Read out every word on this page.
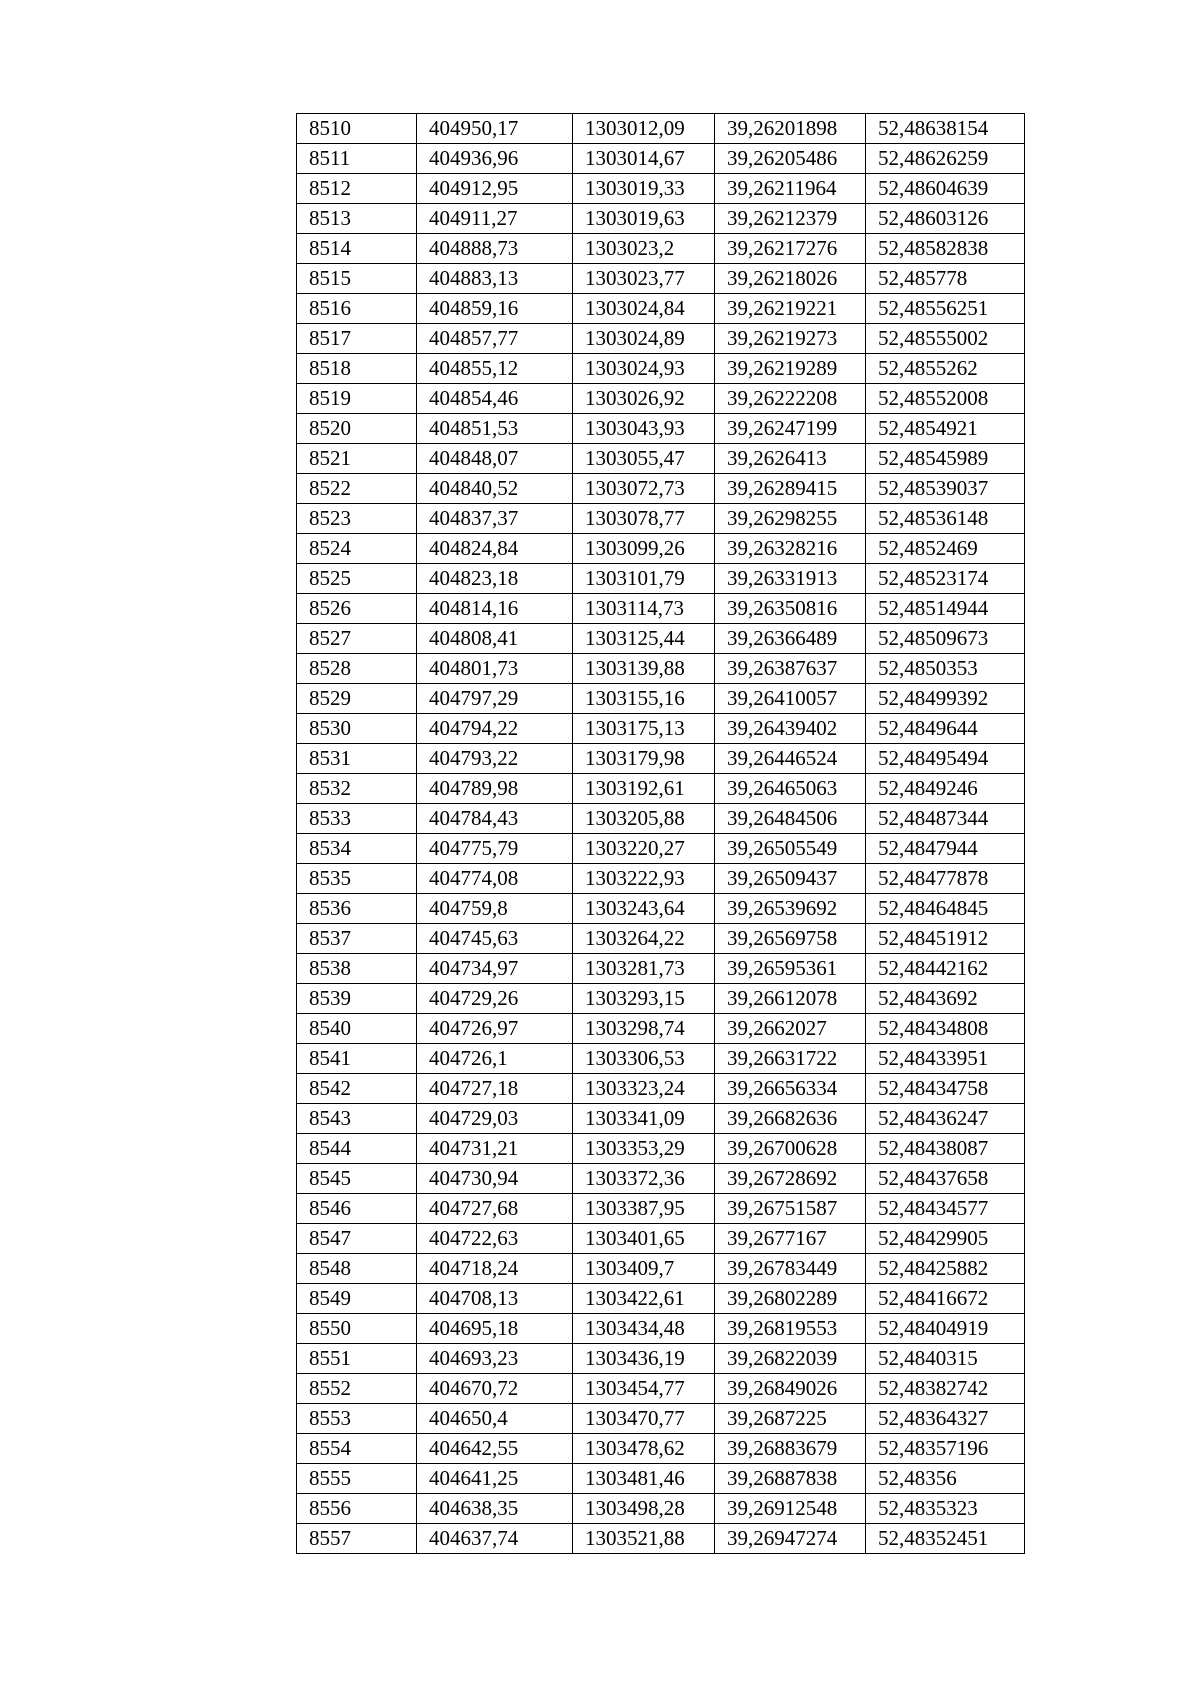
8510	404950,17	1303012,09	39,26201898	52,48638154
8511	404936,96	1303014,67	39,26205486	52,48626259
8512	404912,95	1303019,33	39,26211964	52,48604639
8513	404911,27	1303019,63	39,26212379	52,48603126
8514	404888,73	1303023,2	39,26217276	52,48582838
8515	404883,13	1303023,77	39,26218026	52,485778
8516	404859,16	1303024,84	39,26219221	52,48556251
8517	404857,77	1303024,89	39,26219273	52,48555002
8518	404855,12	1303024,93	39,26219289	52,4855262
8519	404854,46	1303026,92	39,26222208	52,48552008
8520	404851,53	1303043,93	39,26247199	52,4854921
8521	404848,07	1303055,47	39,2626413	52,48545989
8522	404840,52	1303072,73	39,26289415	52,48539037
8523	404837,37	1303078,77	39,26298255	52,48536148
8524	404824,84	1303099,26	39,26328216	52,4852469
8525	404823,18	1303101,79	39,26331913	52,48523174
8526	404814,16	1303114,73	39,26350816	52,48514944
8527	404808,41	1303125,44	39,26366489	52,48509673
8528	404801,73	1303139,88	39,26387637	52,4850353
8529	404797,29	1303155,16	39,26410057	52,48499392
8530	404794,22	1303175,13	39,26439402	52,4849644
8531	404793,22	1303179,98	39,26446524	52,48495494
8532	404789,98	1303192,61	39,26465063	52,4849246
8533	404784,43	1303205,88	39,26484506	52,48487344
8534	404775,79	1303220,27	39,26505549	52,4847944
8535	404774,08	1303222,93	39,26509437	52,48477878
8536	404759,8	1303243,64	39,26539692	52,48464845
8537	404745,63	1303264,22	39,26569758	52,48451912
8538	404734,97	1303281,73	39,26595361	52,48442162
8539	404729,26	1303293,15	39,26612078	52,4843692
8540	404726,97	1303298,74	39,2662027	52,48434808
8541	404726,1	1303306,53	39,26631722	52,48433951
8542	404727,18	1303323,24	39,26656334	52,48434758
8543	404729,03	1303341,09	39,26682636	52,48436247
8544	404731,21	1303353,29	39,26700628	52,48438087
8545	404730,94	1303372,36	39,26728692	52,48437658
8546	404727,68	1303387,95	39,26751587	52,48434577
8547	404722,63	1303401,65	39,2677167	52,48429905
8548	404718,24	1303409,7	39,26783449	52,48425882
8549	404708,13	1303422,61	39,26802289	52,48416672
8550	404695,18	1303434,48	39,26819553	52,48404919
8551	404693,23	1303436,19	39,26822039	52,4840315
8552	404670,72	1303454,77	39,26849026	52,48382742
8553	404650,4	1303470,77	39,2687225	52,48364327
8554	404642,55	1303478,62	39,26883679	52,48357196
8555	404641,25	1303481,46	39,26887838	52,48356
8556	404638,35	1303498,28	39,26912548	52,4835323
8557	404637,74	1303521,88	39,26947274	52,48352451
